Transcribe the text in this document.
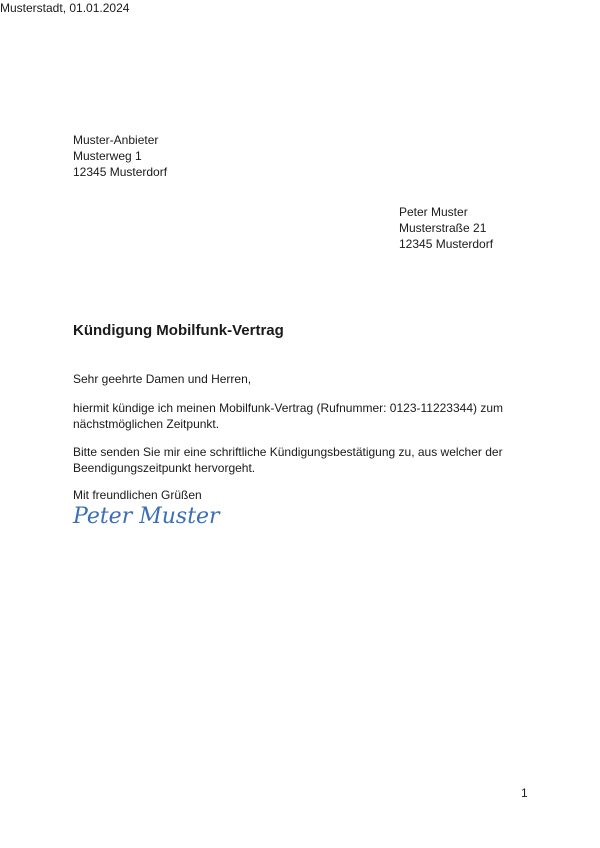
Muster-Anbieter
Musterweg 1
12345 Musterdorf
Peter Muster
Musterstraße 21
12345 Musterdorf
Musterstadt, 01.01.2024
Kündigung Mobilfunk-Vertrag
Sehr geehrte Damen und Herren,
hiermit kündige ich meinen Mobilfunk-Vertrag (Rufnummer: 0123-11223344) zum
nächstmöglichen Zeitpunkt.
Bitte senden Sie mir eine schriftliche Kündigungsbestätigung zu, aus welcher der
Beendigungszeitpunkt hervorgeht.
Mit freundlichen Grüßen
Peter Muster
1
